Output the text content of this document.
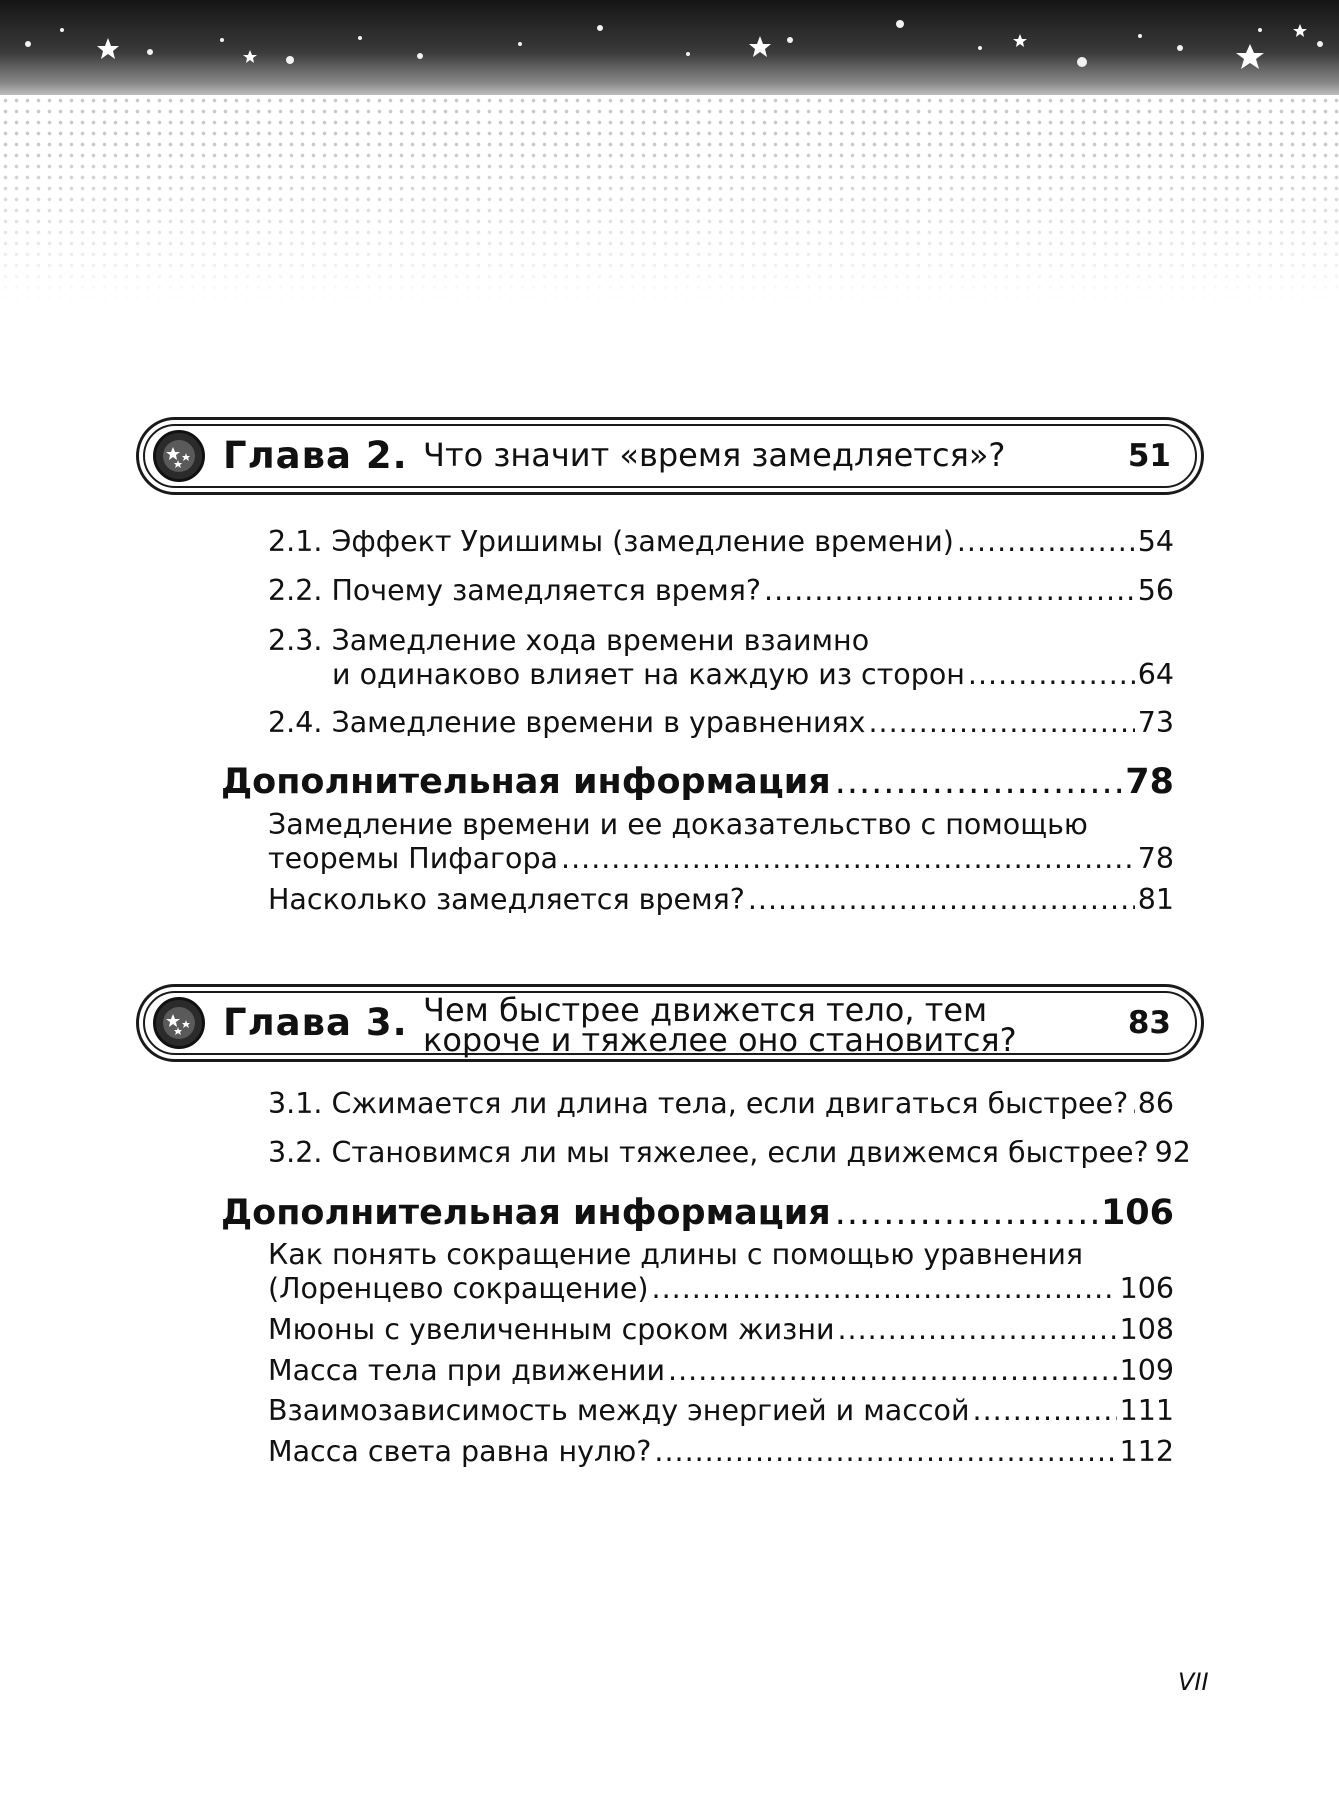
Глава 2. Что значит «время замедляется»?	51
2.1. Эффект Уришимы (замедление времени) .....	54
2.2. Почему замедляется время? .....	56
2.3. Замедление хода времени взаимно
и одинаково влияет на каждую из сторон .....	64
2.4. Замедление времени в уравнениях .....	73
Дополнительная информация .....	78
Замедление времени и ее доказательство с помощью
теоремы Пифагора .....	78
Насколько замедляется время? .....	81
Глава 3. Чем быстрее движется тело, тем
короче и тяжелее оно становится?	83
3.1. Сжимается ли длина тела, если двигаться быстрее? ..... 86
3.2. Становимся ли мы тяжелее, если движемся быстрее? 92
Дополнительная информация .....	106
Как понять сокращение длины с помощью уравнения
(Лоренцево сокращение) .....	106
Мюоны с увеличенным сроком жизни .....	108
Масса тела при движении .....	109
Взаимозависимость между энергией и массой .....	111
Масса света равна нулю? .....	112
VII
